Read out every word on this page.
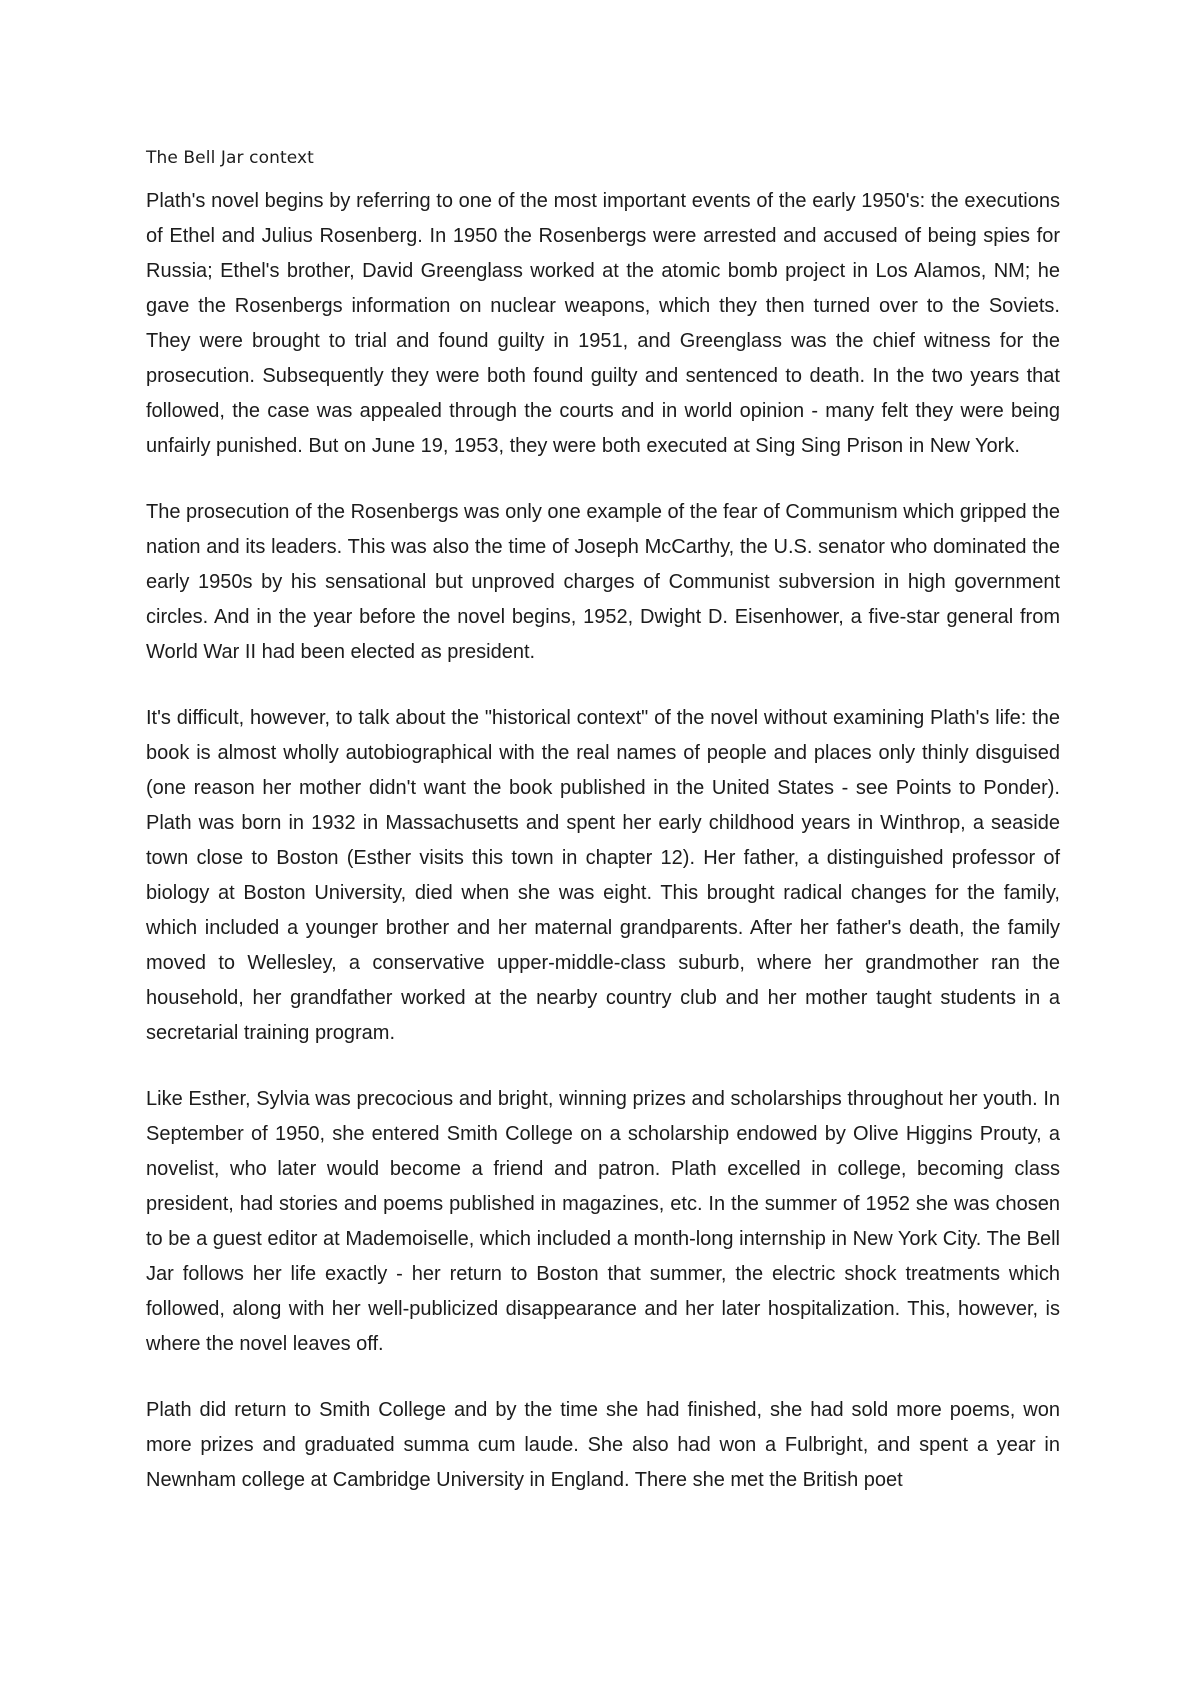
The Bell Jar context

Plath's novel begins by referring to one of the most important events of the early 1950's: the executions of Ethel and Julius Rosenberg. In 1950 the Rosenbergs were arrested and accused of being spies for Russia; Ethel's brother, David Greenglass worked at the atomic bomb project in Los Alamos, NM; he gave the Rosenbergs information on nuclear weapons, which they then turned over to the Soviets. They were brought to trial and found guilty in 1951, and Greenglass was the chief witness for the prosecution. Subsequently they were both found guilty and sentenced to death. In the two years that followed, the case was appealed through the courts and in world opinion - many felt they were being unfairly punished. But on June 19, 1953, they were both executed at Sing Sing Prison in New York.

The prosecution of the Rosenbergs was only one example of the fear of Communism which gripped the nation and its leaders. This was also the time of Joseph McCarthy, the U.S. senator who dominated the early 1950s by his sensational but unproved charges of Communist subversion in high government circles. And in the year before the novel begins, 1952, Dwight D. Eisenhower, a five-star general from World War II had been elected as president.

It's difficult, however, to talk about the "historical context" of the novel without examining Plath's life: the book is almost wholly autobiographical with the real names of people and places only thinly disguised (one reason her mother didn't want the book published in the United States - see Points to Ponder). Plath was born in 1932 in Massachusetts and spent her early childhood years in Winthrop, a seaside town close to Boston (Esther visits this town in chapter 12). Her father, a distinguished professor of biology at Boston University, died when she was eight. This brought radical changes for the family, which included a younger brother and her maternal grandparents. After her father's death, the family moved to Wellesley, a conservative upper-middle-class suburb, where her grandmother ran the household, her grandfather worked at the nearby country club and her mother taught students in a secretarial training program.

Like Esther, Sylvia was precocious and bright, winning prizes and scholarships throughout her youth. In September of 1950, she entered Smith College on a scholarship endowed by Olive Higgins Prouty, a novelist, who later would become a friend and patron. Plath excelled in college, becoming class president, had stories and poems published in magazines, etc. In the summer of 1952 she was chosen to be a guest editor at Mademoiselle, which included a month-long internship in New York City. The Bell Jar follows her life exactly - her return to Boston that summer, the electric shock treatments which followed, along with her well-publicized disappearance and her later hospitalization. This, however, is where the novel leaves off.

Plath did return to Smith College and by the time she had finished, she had sold more poems, won more prizes and graduated summa cum laude. She also had won a Fulbright, and spent a year in Newnham college at Cambridge University in England. There she met the British poet
